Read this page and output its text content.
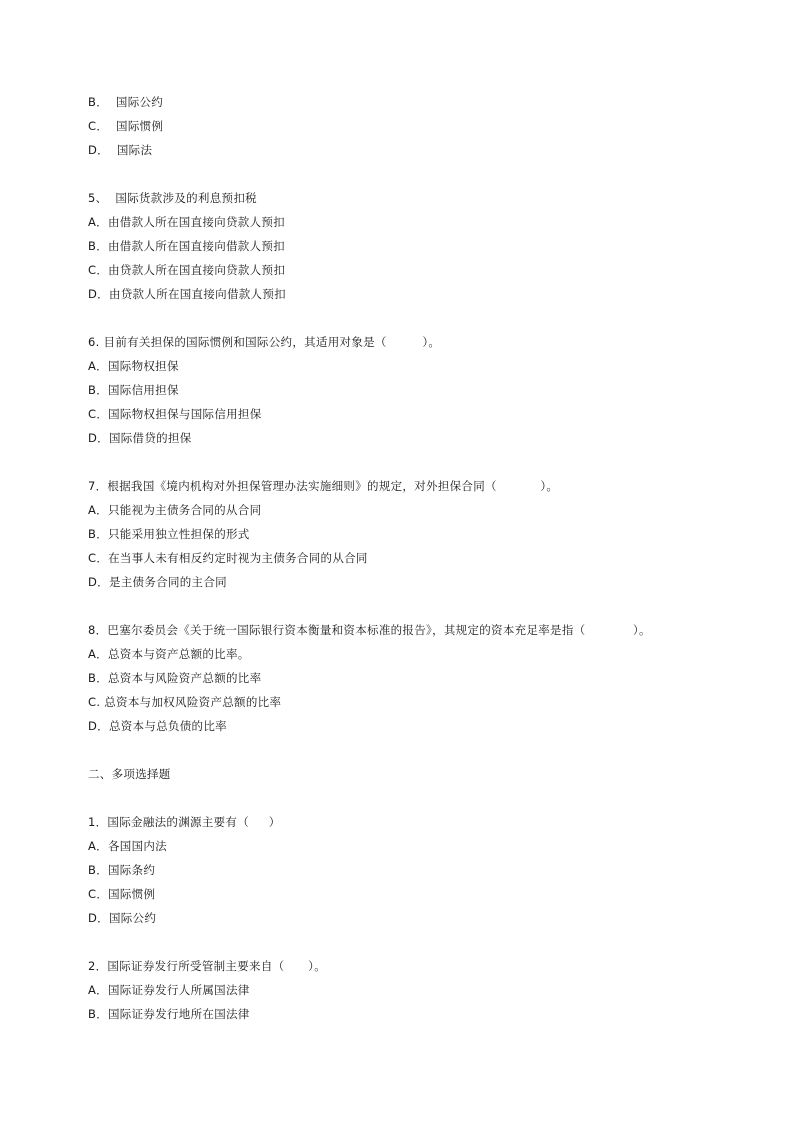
B．  国际公约
C．  国际惯例
D．  国际法
5、  国际货款涉及的利息预扣税
A．由借款人所在国直接向贷款人预扣
B．由借款人所在国直接向借款人预扣
C．由贷款人所在国直接向贷款人预扣
D．由贷款人所在国直接向借款人预扣
6. 目前有关担保的国际惯例和国际公约，其适用对象是（         ）。
A．国际物权担保
B．国际信用担保
C．国际物权担保与国际信用担保
D．国际借贷的担保
7．根据我国《境内机构对外担保管理办法实施细则》的规定，对外担保合同（           ）。
A．只能视为主债务合同的从合同
B．只能采用独立性担保的形式
C．在当事人未有相反约定时视为主债务合同的从合同
D．是主债务合同的主合同
8．巴塞尔委员会《关于统一国际银行资本衡量和资本标准的报告》，其规定的资本充足率是指（            ）。
A．总资本与资产总额的比率。
B．总资本与风险资产总额的比率
C. 总资本与加权风险资产总额的比率
D．总资本与总负债的比率
二、多项选择题
1．国际金融法的渊源主要有（     ）
A．各国国内法
B．国际条约
C．国际惯例
D．国际公约
2．国际证券发行所受管制主要来自（      ）。
A．国际证券发行人所属国法律
B．国际证券发行地所在国法律
